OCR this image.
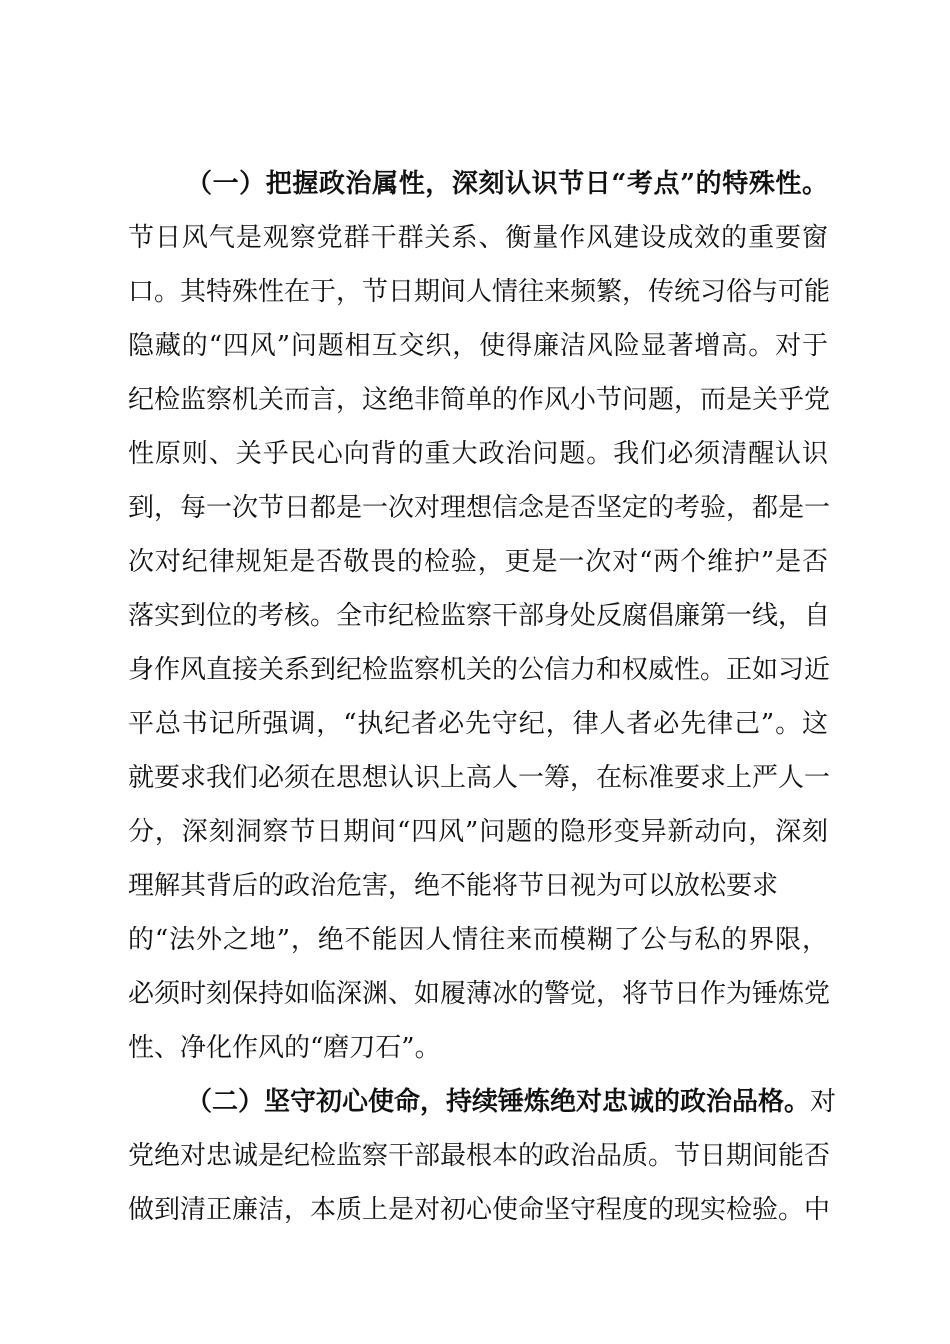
（一）把握政治属性，深刻认识节日“考点”的特殊性。
节日风气是观察党群干群关系、衡量作风建设成效的重要窗
口。其特殊性在于，节日期间人情往来频繁，传统习俗与可能
隐藏的“四风”问题相互交织，使得廉洁风险显著增高。对于
纪检监察机关而言，这绝非简单的作风小节问题，而是关乎党
性原则、关乎民心向背的重大政治问题。我们必须清醒认识
到，每一次节日都是一次对理想信念是否坚定的考验，都是一
次对纪律规矩是否敬畏的检验，更是一次对“两个维护”是否
落实到位的考核。全市纪检监察干部身处反腐倡廉第一线，自
身作风直接关系到纪检监察机关的公信力和权威性。正如习近
平总书记所强调，“执纪者必先守纪，律人者必先律己”。这
就要求我们必须在思想认识上高人一筹，在标准要求上严人一
分，深刻洞察节日期间“四风”问题的隐形变异新动向，深刻
理解其背后的政治危害，绝不能将节日视为可以放松要求
的“法外之地”，绝不能因人情往来而模糊了公与私的界限，
必须时刻保持如临深渊、如履薄冰的警觉，将节日作为锤炼党
性、净化作风的“磨刀石”。
（二）坚守初心使命，持续锤炼绝对忠诚的政治品格。对
党绝对忠诚是纪检监察干部最根本的政治品质。节日期间能否
做到清正廉洁，本质上是对初心使命坚守程度的现实检验。中
